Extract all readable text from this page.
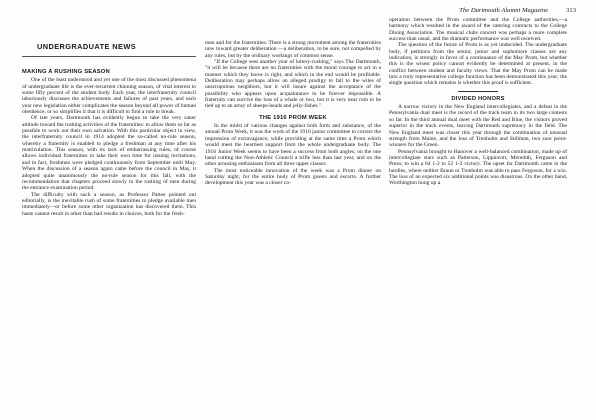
The Dartmouth Alumni Magazine	313
UNDERGRADUATE NEWS
MAKING A RUSHING SEASON

One of the least understood and yet one of the most discussed phenomena of undergraduate life is the ever-recurrent chinning season, of vital interest to some fifty percent of the student body. Each year, the interfraternity council laboriously discusses the achievements and failures of past years, and each year new legislation either complicates the season beyond all power of human obedience, or so simplifies it that it is difficult to find a rule to break.

Of late years, Dartmouth has evidently begun to take the very saner attitude toward the rushing activities of the fraternities: to allow them so far as possible to work out their own salvation. With this particular object in view, the interfraternity council in 1914 adopted the so-called no-rule season, whereby a fraternity is enabled to pledge a freshman at any time after his matriculation. This season, with its lack of embarrassing rules, of course allows individual fraternities to take their own time for issuing invitations, and in fact, freshmen were pledged continuously from September until May. When the discussion of a season again came before the council in May, it adopted quite unanimously the no-rule season for this fall, with the recommendation that chapters proceed slowly in the rushing of men during the entrance examination period.

The difficulty with such a season, as Professor Pattee pointed out editorially, is the inevitable rush of some fraternities to pledge available men immediately—or before some other organization has discovered them. This haste cannot result in other than bad results in choices, both for the fresh-

men and for the fraternities. There is a strong movement among the fraternities now toward greater deliberation —a deliberation, to be sure, not compelled by any rules, but by the ordinary workings of common sense.

"If the College sees another year of lottery-rushing," says The Dartmouth, "it will be because there are no fraternities with the moral courage to act in a manner which they know is right, and which in the end would be profitable. Deliberation may perhaps allow an alleged prodigy to fall to the wiles of unscrupulous neighbors, but it will insure against the acceptance of the possibility who appears upon acquaintance to be forever impossible. A fraternity can survive the loss of a whale or two, but it is very near ruin to be tied up to an array of sheeps-heads and jelly-fishes."

THE 1916 PROM WEEK

In the midst of various changes against both form and substance, of the annual Prom Week, it was the work of the 1916 junior committee to correct the impression of extravagance, while providing at the same time a Prom which would meet the heartiest support from the whole undergraduate body. The 1916 Junior Week seems to have been a success from both angles, on the one hand cutting the Non-Athletic Council a trifle less than last year, and on the other arousing enthusiasm from all three upper classes.

The most noticeable innovation of the week was a Prom dinner on Saturday night, for the entire body of Prom guests and escorts. A further development this year was a closer co-

operation between the Prom committee and the College authorities,—a harmony which resulted in the award of the catering contracts to the College Dining Association. The musical clubs concert was perhaps a more complete success than usual, and the dramatic performance was well received.

The question of the future of Prom is as yet undecided. The undergraduate body, if petitions from the senior, junior and sophomore classes are any indication, is strongly in favor of a continuance of the May Prom, but whether this is the wisest policy cannot evidently be determined at present, in the conflict between student and faculty views. That the May Prom can be made into a truly representative college function has been demonstrated this year; the single question which remains is whether this proof is sufficient.

DIVIDED HONORS

A narrow victory in the New England intercollegiates, and a defeat in the Pennsylvania dual meet is the record of the track team in its two large contests so far. In the third annual dual meet with the Red and Blue, the visitors proved superior in the track events, leaving Dartmouth supremacy in the field. The New England meet was closer this year through the combination of unusual strength from Maine, and the loss of Trenholm and Stillman, two sure point-winners for the Green.

Pennsylvania brought to Hanover a well-balanced combination, made up of intercollegiate stars such as Patterson, Lippincott, Meredith, Ferguson and Preso, to win a 64 1-2 to 52 1-2 victory. The upset for Dartmouth came in the hurdles, where neither Braun or Trenholm was able to pass Ferguson, for a win. The loss of an expected six additional points was disastrous. On the other hand, Worthington hung up a
